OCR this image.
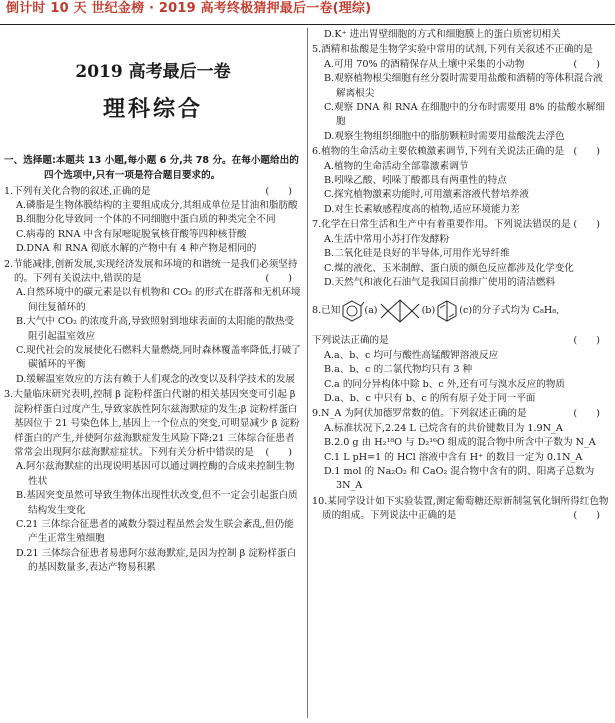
倒计时 10 天 世纪金榜 · 2019 高考终极猜押最后一卷(理综)
2019 高考最后一卷
理科综合
一、选择题:本题共 13 小题,每小题 6 分,共 78 分。在每小题给出的四个选项中,只有一项是符合题目要求的。
(　　)
1.下列有关化合物的叙述,正确的是
A.磷脂是生物体膜结构的主要组成成分,其组成单位是甘油和脂肪酸
B.细胞分化导致同一个体的不同细胞中蛋白质的种类完全不同
C.病毒的 RNA 中含有尿嘧啶脱氧核苷酸等四种核苷酸
D.DNA 和 RNA 彻底水解的产物中有 4 种产物是相同的
2.节能减排,创新发展,实现经济发展和环境的和谐统一是我们必须坚持的。下列有关说法中,错误的是	(　　)
A.自然环境中的碳元素是以有机物和 CO₂ 的形式在群落和无机环境间往复循环的
B.大气中 CO₂ 的浓度升高,导致照射到地球表面的太阳能的散热受阻引起温室效应
C.现代社会的发展使化石燃料大量燃烧,同时森林覆盖率降低,打破了碳循环的平衡
D.缓解温室效应的方法有赖于人们观念的改变以及科学技术的发展
3.大量临床研究表明,控制 β 淀粉样蛋白代谢的相关基因突变可引起 β 淀粉样蛋白过度产生,导致家族性阿尔兹海默症的发生;β 淀粉样蛋白基因位于 21 号染色体上,基因上一个位点的突变,可明显减少 β 淀粉样蛋白的产生,并使阿尔兹海默症发生风险下降;21 三体综合征患者常常会出现阿尔兹海默症症状。下列有关分析中错误的是 (　　)
A.阿尔兹海默症的出现说明基因可以通过调控酶的合成来控制生物性状
B.基因突变虽然可导致生物体出现性状改变,但不一定会引起蛋白质结构发生变化
C.21 三体综合征患者的减数分裂过程虽然会发生联会紊乱,但仍能产生正常生殖细胞
D.21 三体综合征患者易患阿尔兹海默症,是因为控制 β 淀粉样蛋白的基因数量多,表达产物易积累
D.K⁺ 进出胃壁细胞的方式和细胞膜上的蛋白质密切相关
5.酒精和盐酸是生物学实验中常用的试剂,下列有关叙述不正确的是
(　　)
A.可用 70% 的酒精保存从土壤中采集的小动物
B.观察植物根尖细胞有丝分裂时需要用盐酸和酒精的等体积混合液解离根尖
C.观察 DNA 和 RNA 在细胞中的分布时需要用 8% 的盐酸水解细胞
D.观察生物组织细胞中的脂肪颗粒时需要用盐酸洗去浮色
6.植物的生命活动主要依赖激素调节,下列有关说法正确的是 (　　)
A.植物的生命活动全部靠激素调节
B.吲哚乙酸、吲哚丁酸都具有两重性的特点
C.探究植物激素功能时,可用激素溶液代替培养液
D.对生长素敏感程度高的植物,适应环境能力差
7.化学在日常生活和生产中有着重要作用。下列说法错误的是 (　　)
A.生活中常用小苏打作发酵粉
B.二氧化硅是良好的半导体,可用作光导纤维
C.煤的液化、玉米制醇、蛋白质的颜色反应都涉及化学变化
D.天然气和液化石油气是我国目前推广使用的清洁燃料
8.已知	(a)	(b)	(c) 的分子式均为 C₈H₈,
下列说法正确的是	(　　)
A.a、b、c 均可与酸性高锰酸钾溶液反应
B.a、b、c 的二氯代物均只有 3 种
C.a 的同分异构体中除 b、c 外,还有可与溴水反应的物质
D.a、b、c 中只有 b、c 的所有原子处于同一平面
9.N_A 为阿伏加德罗常数的值。下列叙述正确的是	(　　)
A.标准状况下,2.24 L 已烷含有的共价键数目为 1.9N_A
B.2.0 g 由 H₂¹⁸O 与 D₂¹⁶O 组成的混合物中所含中子数为 N_A
C.1 L pH=1 的 HCl 溶液中含有 H⁺ 的数目一定为 0.1N_A
D.1 mol 的 Na₂O₂ 和 CaO₂ 混合物中含有的阴、阳离子总数为 3N_A
10.某同学设计如下实验装置,测定葡萄糖还原新制氢氧化铜所得红色物质的组成。下列说法中正确的是	(　　)
